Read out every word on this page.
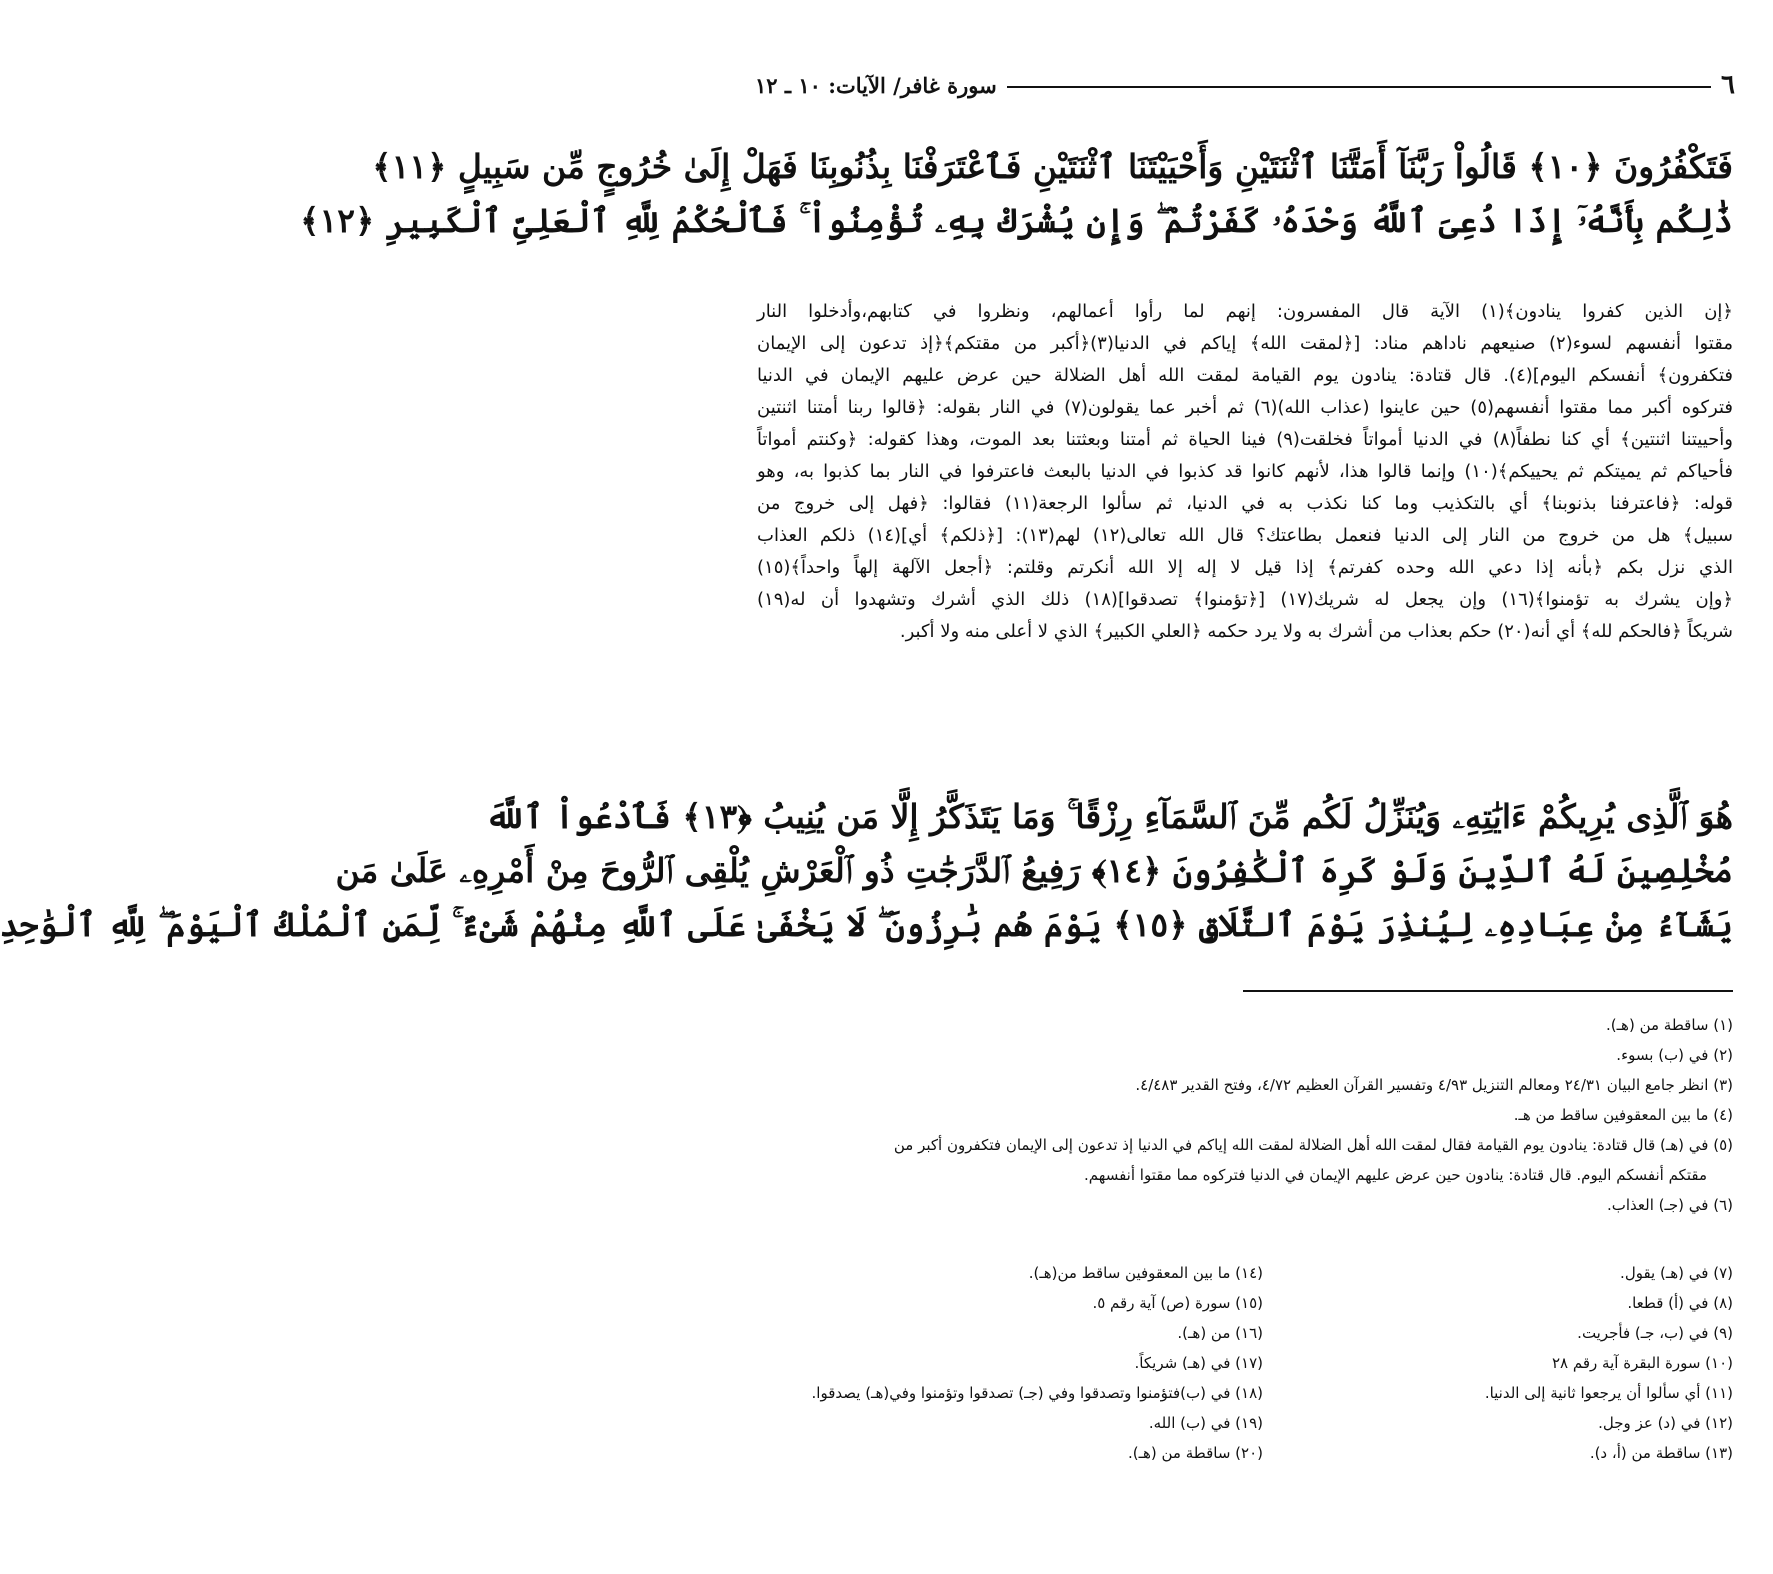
٦
سورة غافر/ الآيات: ١٠ ـ ١٢
فَتَكْفُرُونَ ﴿١٠﴾ قَالُواْ رَبَّنَآ أَمَتَّنَا ٱثْنَتَيْنِ وَأَحْيَيْتَنَا ٱثْنَتَيْنِ فَٱعْتَرَفْنَا بِذُنُوبِنَا فَهَلْ إِلَىٰ خُرُوجٍ مِّن سَبِيلٍ ﴿١١﴾
ذَٰلِكُم بِأَنَّهُۥٓ إِذَا دُعِىَ ٱللَّهُ وَحْدَهُۥ كَفَرْتُمْ ۖ وَإِن يُشْرَكْ بِهِۦ تُؤْمِنُواْ ۚ فَٱلْحُكْمُ لِلَّهِ ٱلْعَلِىِّ ٱلْكَبِيرِ ﴿١٢﴾
﴿إن الذين كفروا ينادون﴾(١) الآية قال المفسرون: إنهم لما رأوا أعمالهم، ونظروا في كتابهم،وأدخلوا النار
مقتوا أنفسهم لسوء(٢) صنيعهم ناداهم مناد: [﴿لمقت الله﴾ إياكم في الدنيا(٣)﴿أكبر من مقتكم﴾﴿إذ تدعون إلى الإيمان
فتكفرون﴾ أنفسكم اليوم](٤). قال قتادة: ينادون يوم القيامة لمقت الله أهل الضلالة حين عرض عليهم الإيمان في الدنيا
فتركوه أكبر مما مقتوا أنفسهم(٥) حين عاينوا (عذاب الله)(٦) ثم أخبر عما يقولون(٧) في النار بقوله: ﴿قالوا ربنا أمتنا اثنتين
وأحييتنا اثنتين﴾ أي كنا نطفاً(٨) في الدنيا أمواتاً فخلقت(٩) فينا الحياة ثم أمتنا وبعثتنا بعد الموت، وهذا كقوله: ﴿وكنتم أمواتاً
فأحياكم ثم يميتكم ثم يحييكم﴾(١٠) وإنما قالوا هذا، لأنهم كانوا قد كذبوا في الدنيا بالبعث فاعترفوا في النار بما كذبوا به، وهو
قوله: ﴿فاعترفنا بذنوبنا﴾ أي بالتكذيب وما كنا نكذب به في الدنيا، ثم سألوا الرجعة(١١) فقالوا: ﴿فهل إلى خروج من
سبيل﴾ هل من خروج من النار إلى الدنيا فنعمل بطاعتك؟ قال الله تعالى(١٢) لهم(١٣): [﴿ذلكم﴾ أي](١٤) ذلكم العذاب
الذي نزل بكم ﴿بأنه إذا دعي الله وحده كفرتم﴾ إذا قيل لا إله إلا الله أنكرتم وقلتم: ﴿أجعل الآلهة إلهاً واحداً﴾(١٥)
﴿وإن يشرك به تؤمنوا﴾(١٦) وإن يجعل له شريك(١٧) [﴿تؤمنوا﴾ تصدقوا](١٨) ذلك الذي أشرك وتشهدوا أن له(١٩)
شريكاً ﴿فالحكم لله﴾ أي أنه(٢٠) حكم بعذاب من أشرك به ولا يرد حكمه ﴿العلي الكبير﴾ الذي لا أعلى منه ولا أكبر.
هُوَ ٱلَّذِى يُرِيكُمْ ءَايَٰتِهِۦ وَيُنَزِّلُ لَكُم مِّنَ ٱلسَّمَآءِ رِزْقًا ۚ وَمَا يَتَذَكَّرُ إِلَّا مَن يُنِيبُ ﴿١٣﴾ فَٱدْعُواْ ٱللَّهَ
مُخْلِصِينَ لَهُ ٱلدِّينَ وَلَوْ كَرِهَ ٱلْكَٰفِرُونَ ﴿١٤﴾ رَفِيعُ ٱلدَّرَجَٰتِ ذُو ٱلْعَرْشِ يُلْقِى ٱلرُّوحَ مِنْ أَمْرِهِۦ عَلَىٰ مَن
يَشَآءُ مِنْ عِبَادِهِۦ لِيُنذِرَ يَوْمَ ٱلتَّلَاقِ ﴿١٥﴾ يَوْمَ هُم بَٰرِزُونَ ۖ لَا يَخْفَىٰ عَلَى ٱللَّهِ مِنْهُمْ شَىْءٌ ۚ لِّمَنِ ٱلْمُلْكُ ٱلْيَوْمَ ۖ لِلَّهِ ٱلْوَٰحِدِ
(١) ساقطة من (هـ).
(٢) في (ب) بسوء.
(٣) انظر جامع البيان ٢٤/٣١ ومعالم التنزيل ٤/٩٣ وتفسير القرآن العظيم ٤/٧٢، وفتح القدير ٤/٤٨٣.
(٤) ما بين المعقوفين ساقط من هـ.
(٥) في (هـ) قال قتادة: ينادون يوم القيامة فقال لمقت الله أهل الضلالة لمقت الله إياكم في الدنيا إذ تدعون إلى الإيمان فتكفرون أكبر من
مقتكم أنفسكم اليوم. قال قتادة: ينادون حين عرض عليهم الإيمان في الدنيا فتركوه مما مقتوا أنفسهم.
(٦) في (جـ) العذاب.
(٧) في (هـ) يقول.
(٨) في (أ) قطعا.
(٩) في (ب، جـ) فأجريت.
(١٠) سورة البقرة آية رقم ٢٨
(١١) أي سألوا أن يرجعوا ثانية إلى الدنيا.
(١٢) في (د) عز وجل.
(١٣) ساقطة من (أ، د).
(١٤) ما بين المعقوفين ساقط من(هـ).
(١٥) سورة (ص) آية رقم ٥.
(١٦) من (هـ).
(١٧) في (هـ) شريكاً.
(١٨) في (ب)فتؤمنوا وتصدقوا وفي (جـ) تصدقوا وتؤمنوا وفي(هـ) يصدقوا.
(١٩) في (ب) الله.
(٢٠) ساقطة من (هـ).
